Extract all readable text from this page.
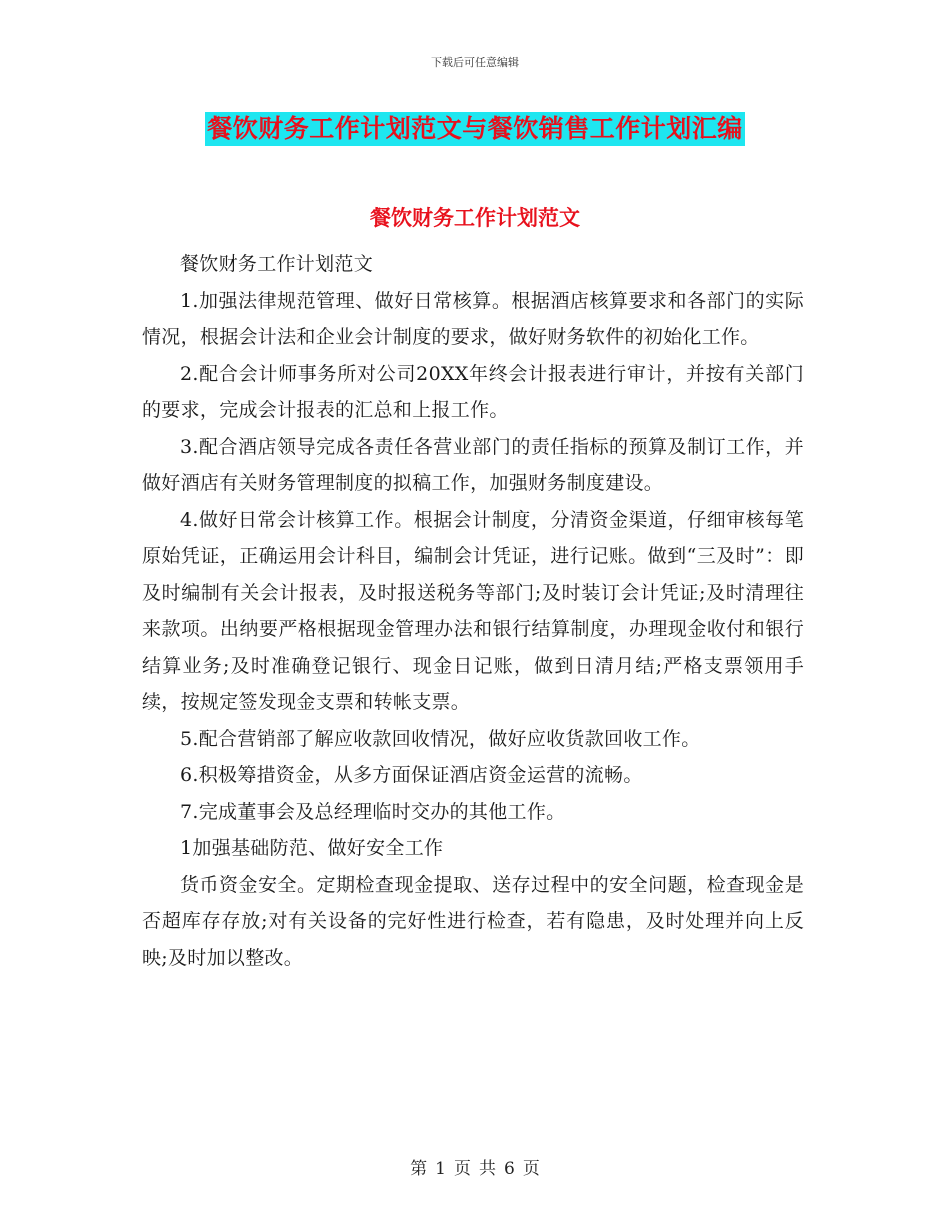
下载后可任意编辑
餐饮财务工作计划范文与餐饮销售工作计划汇编
餐饮财务工作计划范文

餐饮财务工作计划范文

1.加强法律规范管理、做好日常核算。根据酒店核算要求和各部门的实际情况，根据会计法和企业会计制度的要求，做好财务软件的初始化工作。

2.配合会计师事务所对公司20XX年终会计报表进行审计，并按有关部门的要求，完成会计报表的汇总和上报工作。

3.配合酒店领导完成各责任各营业部门的责任指标的预算及制订工作，并做好酒店有关财务管理制度的拟稿工作，加强财务制度建设。

4.做好日常会计核算工作。根据会计制度，分清资金渠道，仔细审核每笔原始凭证，正确运用会计科目，编制会计凭证，进行记账。做到“三及时”：即及时编制有关会计报表，及时报送税务等部门;及时装订会计凭证;及时清理往来款项。出纳要严格根据现金管理办法和银行结算制度，办理现金收付和银行结算业务;及时准确登记银行、现金日记账，做到日清月结;严格支票领用手续，按规定签发现金支票和转帐支票。

5.配合营销部了解应收款回收情况，做好应收货款回收工作。

6.积极筹措资金，从多方面保证酒店资金运营的流畅。

7.完成董事会及总经理临时交办的其他工作。

1加强基础防范、做好安全工作

货币资金安全。定期检查现金提取、送存过程中的安全问题，检查现金是否超库存存放;对有关设备的完好性进行检查，若有隐患，及时处理并向上反映;及时加以整改。

第 1 页 共 6 页
